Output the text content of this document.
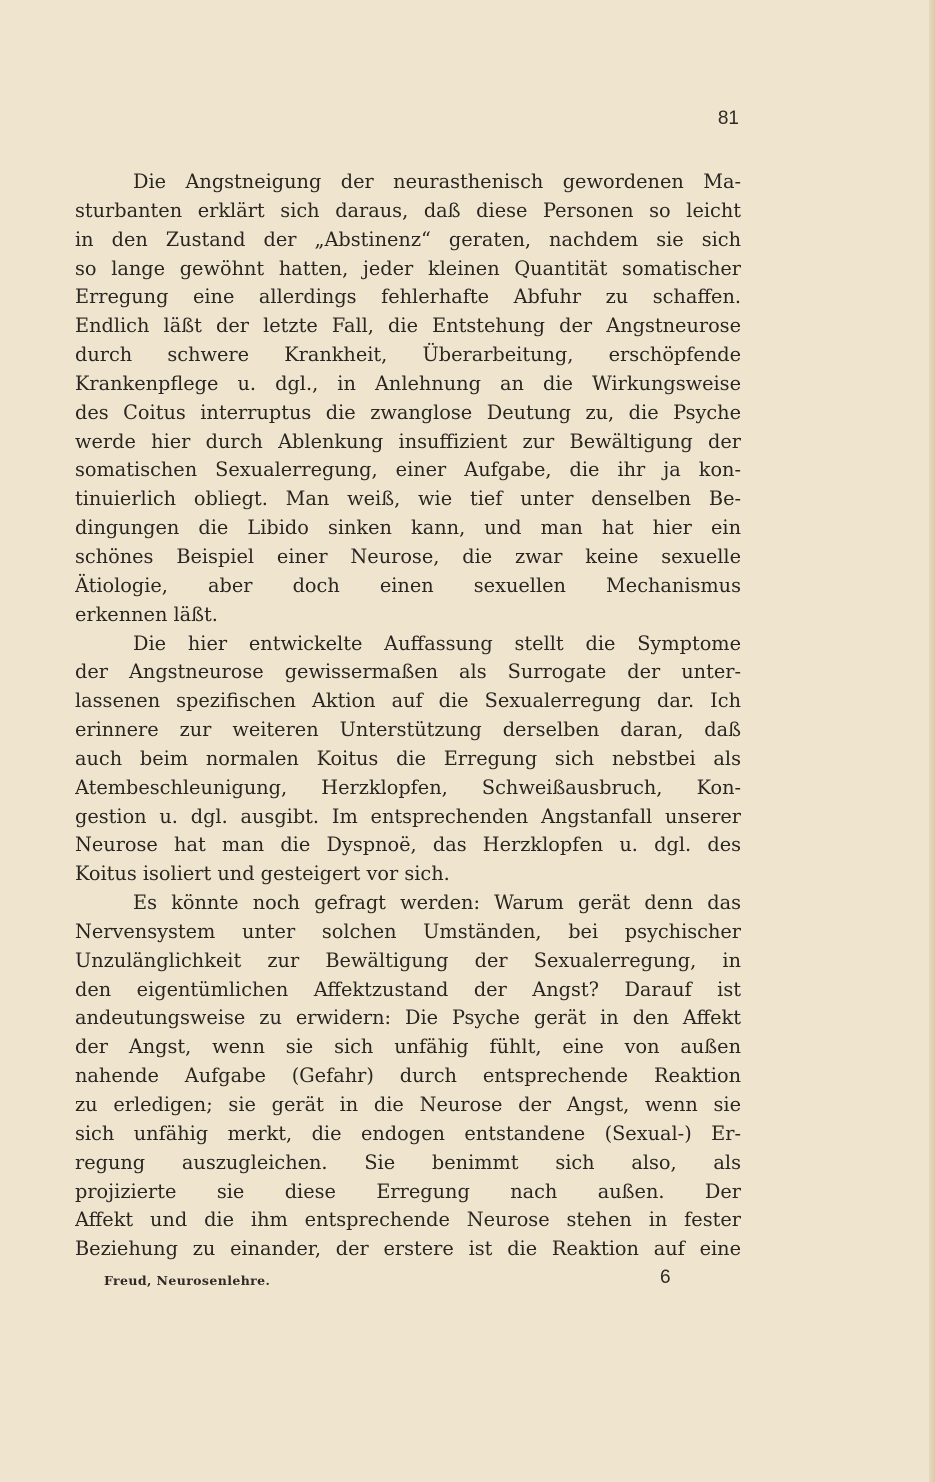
81
Die Angstneigung der neurasthenisch gewordenen Ma-
sturbanten erklärt sich daraus, daß diese Personen so leicht
in den Zustand der „Abstinenz“ geraten, nachdem sie sich
so lange gewöhnt hatten, jeder kleinen Quantität somatischer
Erregung eine allerdings fehlerhafte Abfuhr zu schaffen.
Endlich läßt der letzte Fall, die Entstehung der Angstneurose
durch schwere Krankheit, Überarbeitung, erschöpfende
Krankenpflege u. dgl., in Anlehnung an die Wirkungsweise
des Coitus interruptus die zwanglose Deutung zu, die Psyche
werde hier durch Ablenkung insuffizient zur Bewältigung der
somatischen Sexualerregung, einer Aufgabe, die ihr ja kon-
tinuierlich obliegt. Man weiß, wie tief unter denselben Be-
dingungen die Libido sinken kann, und man hat hier ein
schönes Beispiel einer Neurose, die zwar keine sexuelle
Ätiologie, aber doch einen sexuellen Mechanismus
erkennen läßt.
Die hier entwickelte Auffassung stellt die Symptome
der Angstneurose gewissermaßen als Surrogate der unter-
lassenen spezifischen Aktion auf die Sexualerregung dar. Ich
erinnere zur weiteren Unterstützung derselben daran, daß
auch beim normalen Koitus die Erregung sich nebstbei als
Atembeschleunigung, Herzklopfen, Schweißausbruch, Kon-
gestion u. dgl. ausgibt. Im entsprechenden Angstanfall unserer
Neurose hat man die Dyspnoë, das Herzklopfen u. dgl. des
Koitus isoliert und gesteigert vor sich.
Es könnte noch gefragt werden: Warum gerät denn das
Nervensystem unter solchen Umständen, bei psychischer
Unzulänglichkeit zur Bewältigung der Sexualerregung, in
den eigentümlichen Affektzustand der Angst? Darauf ist
andeutungsweise zu erwidern: Die Psyche gerät in den Affekt
der Angst, wenn sie sich unfähig fühlt, eine von außen
nahende Aufgabe (Gefahr) durch entsprechende Reaktion
zu erledigen; sie gerät in die Neurose der Angst, wenn sie
sich unfähig merkt, die endogen entstandene (Sexual-) Er-
regung auszugleichen. Sie benimmt sich also, als
projizierte sie diese Erregung nach außen. Der
Affekt und die ihm entsprechende Neurose stehen in fester
Beziehung zu einander, der erstere ist die Reaktion auf eine
Freud, Neurosenlehre.	6
